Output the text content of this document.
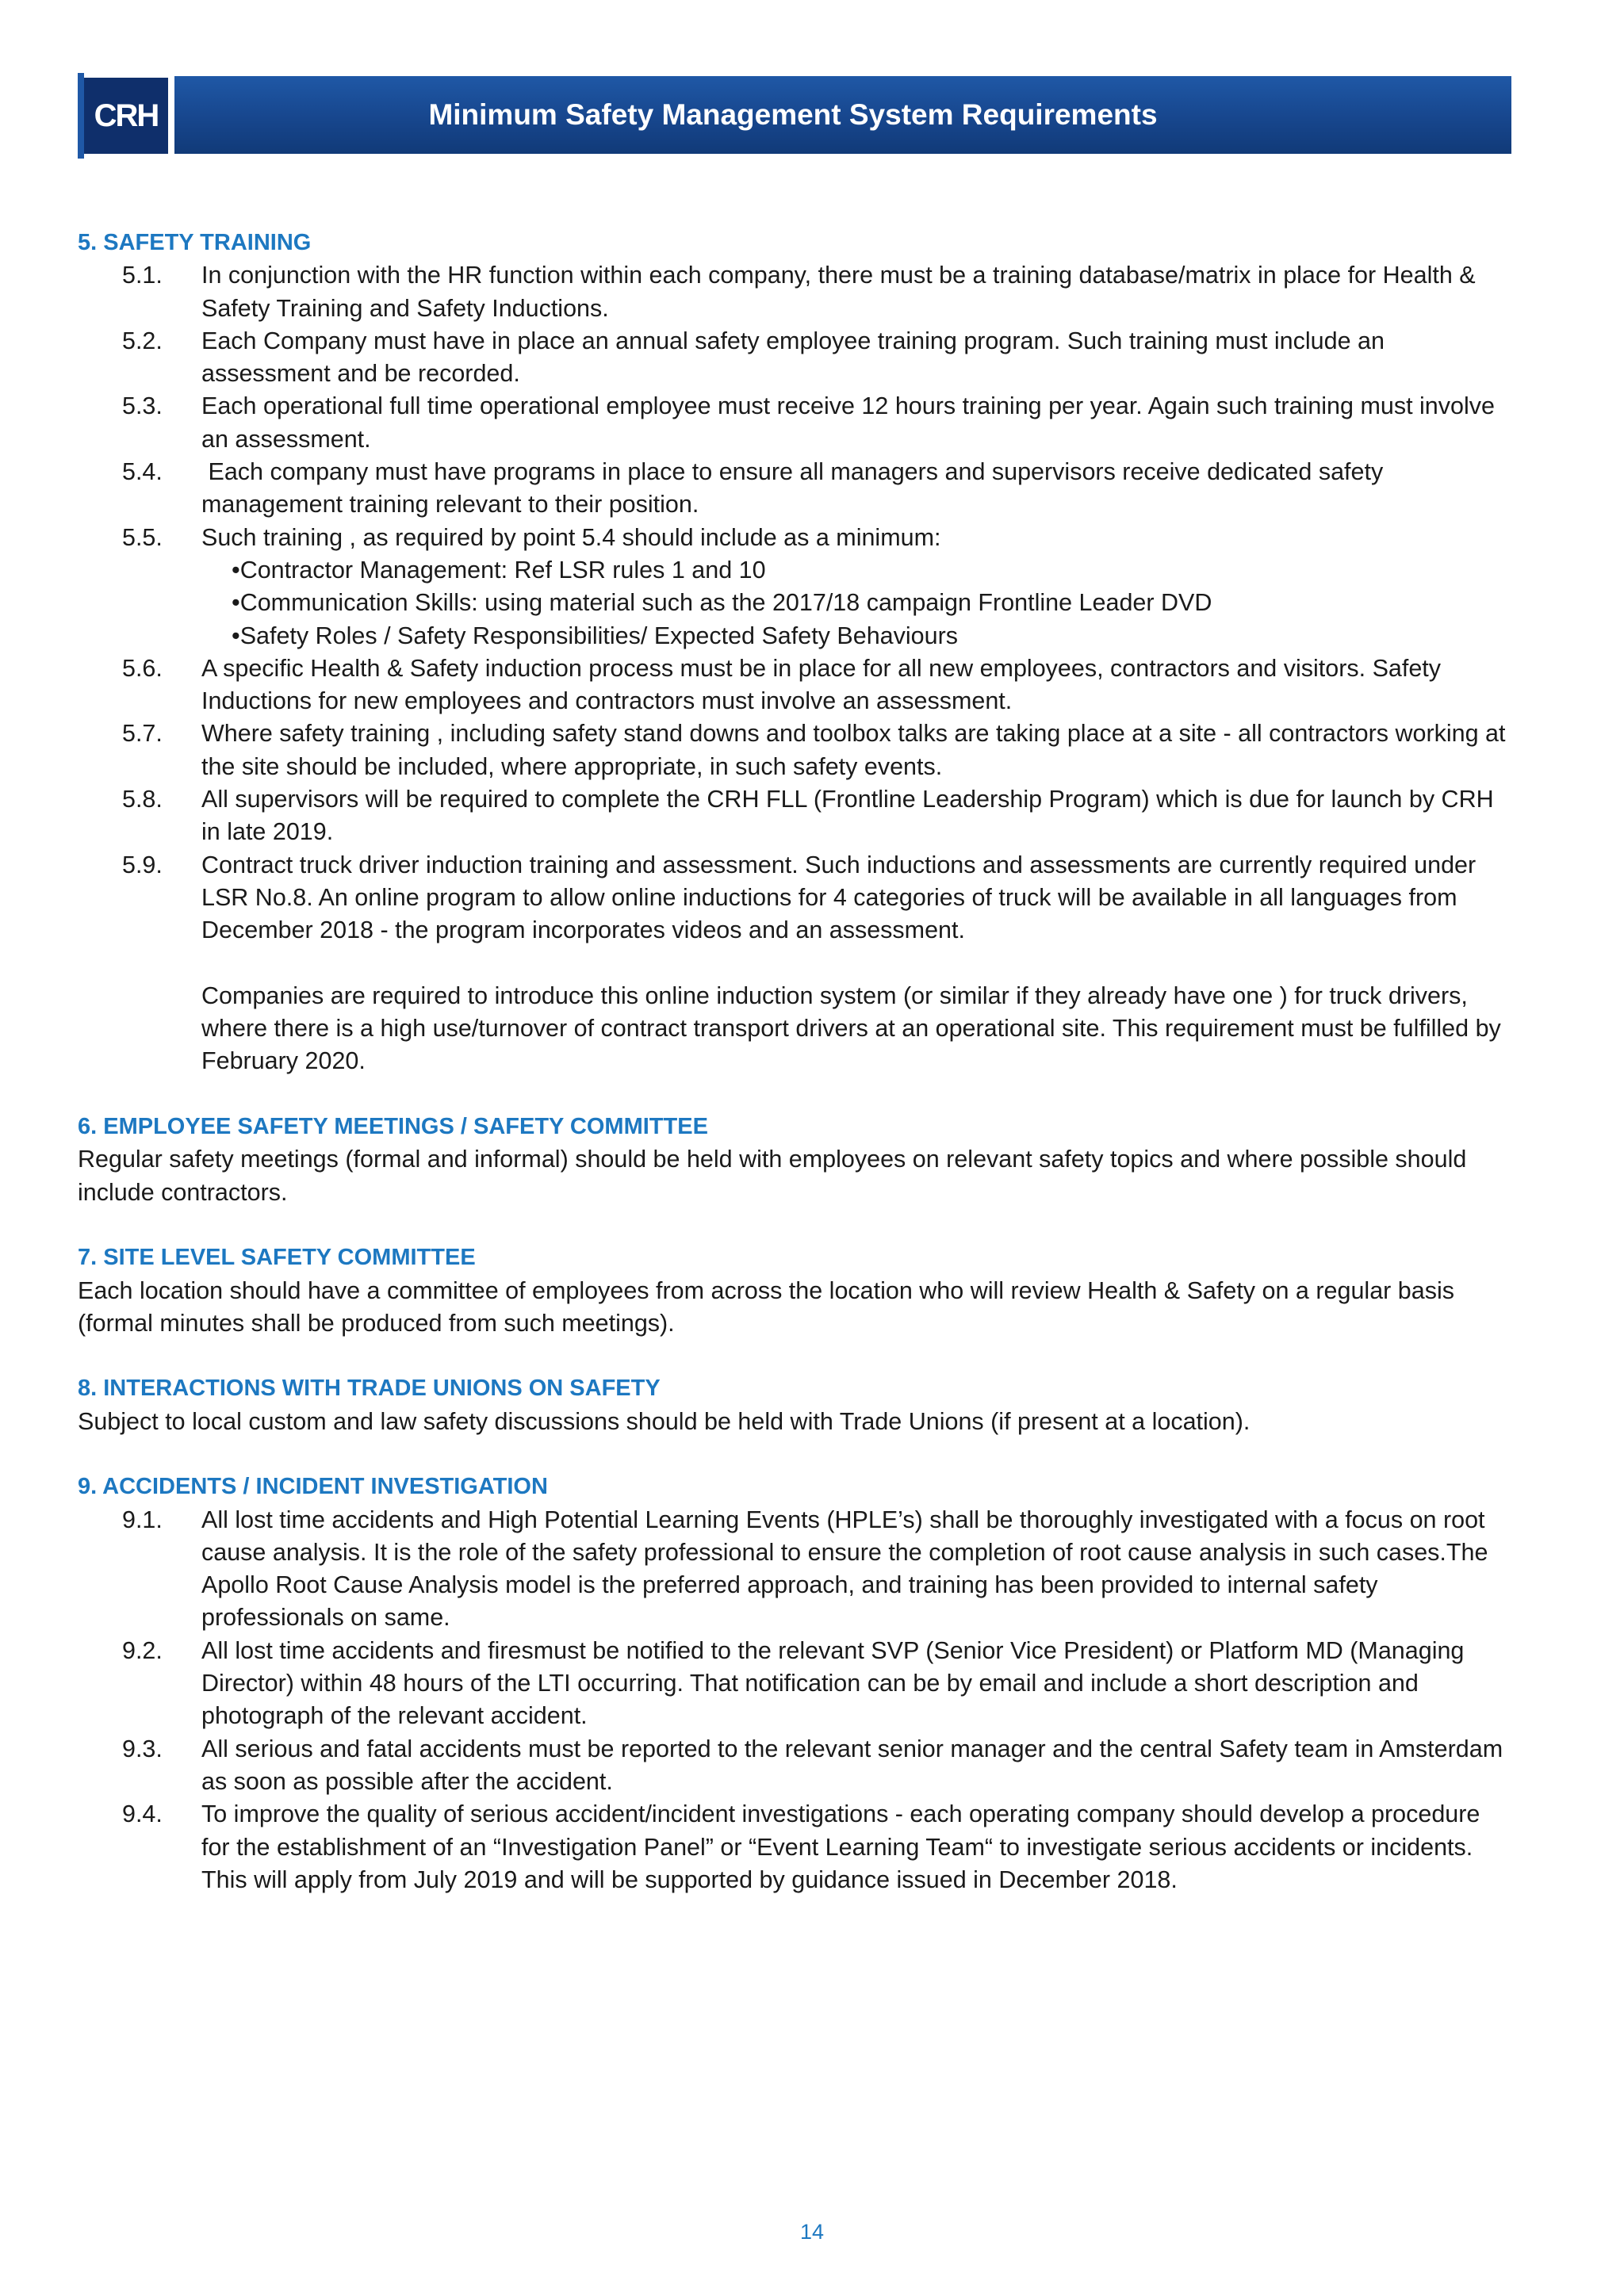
CRH	Minimum Safety Management System Requirements
5. SAFETY TRAINING
5.1.	In conjunction with the HR function within each company, there must be a training database/matrix in place for Health & Safety Training and Safety Inductions.
5.2.	Each Company must have in place an annual safety employee training program. Such training must include an assessment and be recorded.
5.3.	Each operational full time operational employee must receive 12 hours training per year. Again such training must involve an assessment.
5.4.	Each company must have programs in place to ensure all managers and supervisors receive dedicated safety management training relevant to their position.
5.5.	Such training , as required by point 5.4 should include as a minimum:
• Contractor Management: Ref LSR rules 1 and 10
• Communication Skills: using material such as the 2017/18 campaign Frontline Leader DVD
• Safety Roles / Safety Responsibilities/ Expected Safety Behaviours
5.6.	A specific Health & Safety induction process must be in place for all new employees, contractors and visitors. Safety Inductions for new employees and contractors must involve an assessment.
5.7.	Where safety training , including safety stand downs and toolbox talks are taking place at a site - all contractors working at the site should be included, where appropriate, in such safety events.
5.8.	All supervisors will be required to complete the CRH FLL (Frontline Leadership Program) which is due for launch by CRH  in late 2019.
5.9.	Contract truck driver induction training and assessment. Such inductions and assessments are currently required under LSR No.8. An online program to allow online inductions for 4 categories of truck will be available in all languages from December 2018 - the program incorporates videos and an assessment.
Companies are required to introduce this online induction system (or similar if they already have one ) for truck drivers, where there is a high use/turnover of contract transport drivers at an operational site. This requirement must be fulfilled by February 2020.
6. EMPLOYEE SAFETY MEETINGS / SAFETY COMMITTEE
Regular safety meetings (formal and informal) should be held with employees on relevant safety topics and where possible should include contractors.
7. SITE LEVEL SAFETY COMMITTEE
Each location should have a committee of employees from across the location who will review Health & Safety on a regular basis (formal minutes shall be produced from such meetings).
8. INTERACTIONS WITH TRADE UNIONS ON SAFETY
Subject to local custom and law safety discussions should be held with Trade Unions (if present at a location).
9. ACCIDENTS / INCIDENT INVESTIGATION
9.1.	All lost time accidents and High Potential Learning Events (HPLE’s) shall be thoroughly investigated with a focus on root cause analysis. It is the role of the safety professional to ensure the completion of root cause analysis in such cases.The Apollo Root Cause Analysis model is the preferred approach, and training has been provided to internal safety professionals on same.
9.2.	All lost time accidents and firesmust be notified to the relevant SVP (Senior Vice President) or Platform MD (Managing Director) within 48 hours of the LTI occurring. That notification can be by email and include a short description and photograph of the relevant accident.
9.3.	All serious and fatal accidents must be reported to the relevant senior manager and the central Safety team in Amsterdam as soon as possible after the accident.
9.4.	To improve the quality of serious accident/incident investigations - each operating company should develop a procedure for the establishment of an “Investigation Panel” or “Event Learning Team“ to investigate serious accidents or incidents. This will apply from July 2019 and will be supported by guidance issued in December 2018.
14
